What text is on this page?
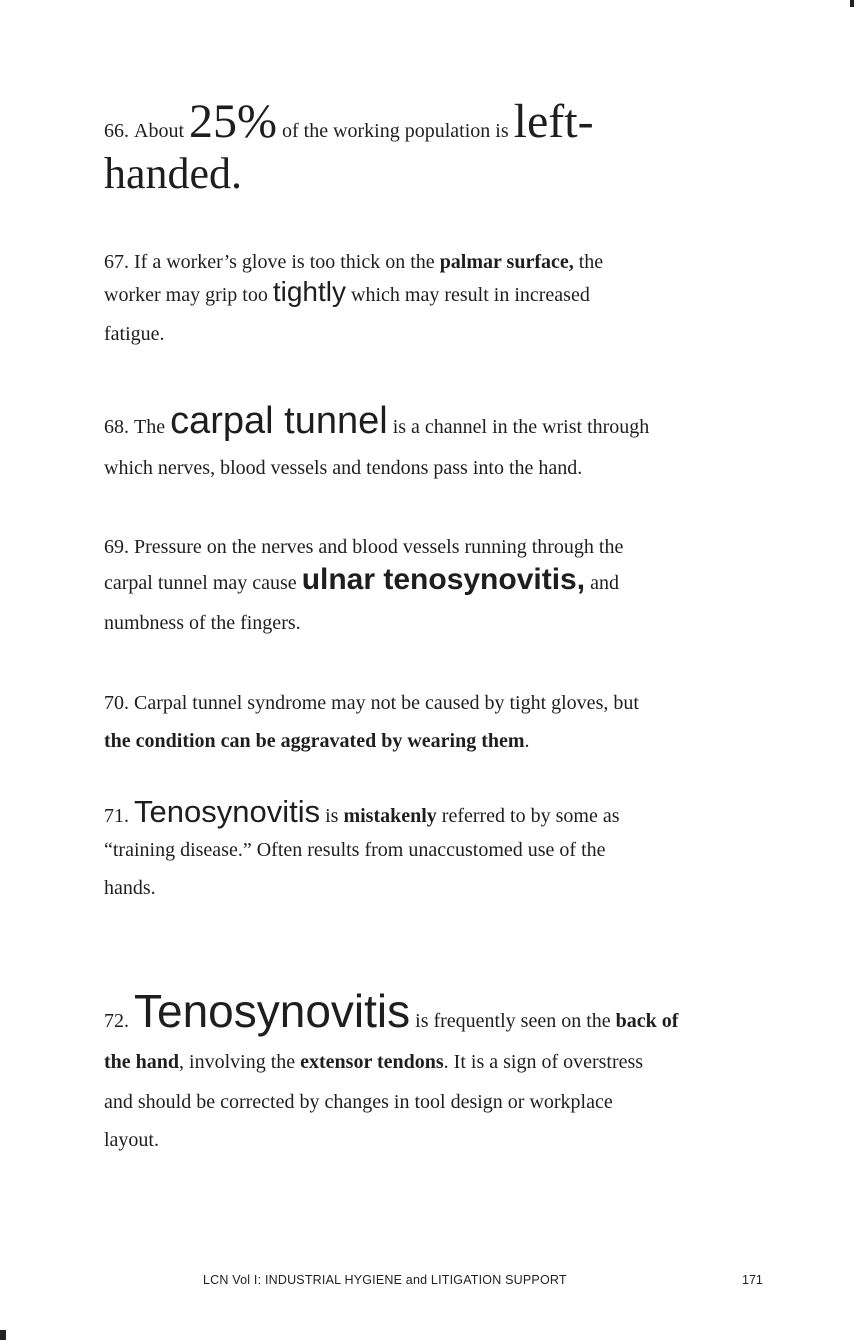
66.
About
25%
of the working population is
left-
handed.
67. If a worker’s glove is too thick on the palmar surface, the
worker may grip too
tightly
which may result in increased
fatigue.
68.
The
carpal tunnel
is a channel in the wrist through
which nerves, blood vessels and tendons pass into the hand.
69. Pressure on the nerves and blood vessels running through the
carpal tunnel may cause
ulnar tenosynovitis,
and
numbness of the fingers.
70. Carpal tunnel syndrome may not be caused by tight gloves, but
the condition can be aggravated by wearing them.
71.
Tenosynovitis
is
mistakenly
referred to by some as
“training disease.” Often results from unaccustomed use of the
hands.
72.
Tenosynovitis
is frequently seen on the
back of
the hand, involving the extensor tendons. It is a sign of overstress
and should be corrected by changes in tool design or workplace
layout.
LCN Vol I: INDUSTRIAL HYGIENE and LITIGATION SUPPORT	171
